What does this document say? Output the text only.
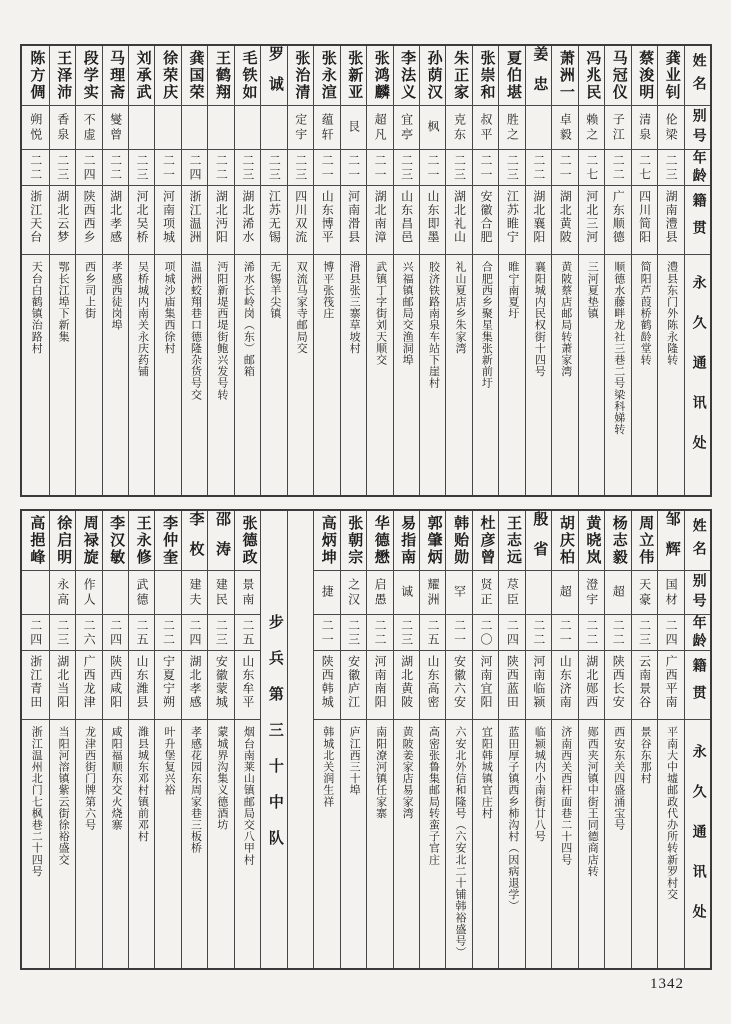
姓名
别号
年龄
籍贯
永久通讯处
龚业钊
伦梁
二三
湖南澧县
澧县东门外陈永隆转
蔡浚明
清泉
二七
四川简阳
简阳芦葭桥鹤龄堂转
马冠仪
子江
二二
广东顺德
顺德水藤畔龙社三巷二号梁科娣转
冯兆民
赖之
二七
河北三河
三河夏垫镇
萧洲一
卓毅
二一
湖北黄陂
黄陂蔡店邮局转萧家湾
姜忠
二二
湖北襄阳
襄阳城内民权街十四号
夏伯堪
胜之
二三
江苏睢宁
睢宁南夏圩
张崇和
叔平
二一
安徽合肥
合肥西乡聚星集张新前圩
朱正家
克东
二三
湖北礼山
礼山夏店乡朱家湾
孙荫汉
枫
二一
山东即墨
胶济铁路南泉车站下崖村
李法义
宜亭
二三
山东昌邑
兴福镇邮局交渔洞埠
张鸿麟
超凡
二一
湖北南漳
武镇丁字街刘天顺交
张新亚
艮
二一
河南滑县
滑县张三寨草坡村
张永渲
蕴轩
二一
山东博平
博平张筏庄
张治清
定宇
二三
四川双流
双流马家寺邮局交
罗诚
二三
江苏无锡
无锡羊尖镇
毛铁如
二三
湖北浠水
浠水长岭岗（东）邮箱
王鹤翔
二二
湖北沔阳
沔阳新堤西堤街鲍兴发号转
龚国荣
二四
浙江温洲
温洲蛟翔巷口德隆杂货号交
徐荣庆
二一
河南项城
项城沙庙集西徐村
刘承武
二三
河北吴桥
吴桥城内南关永庆药铺
马理斋
燮曾
二二
湖北孝感
孝感西徒岗埠
段学实
不虚
二四
陕西西乡
西乡司上街
王泽沛
香泉
二三
湖北云梦
鄂长江埠下新集
陈方倜
朔悦
二二
浙江天台
天台白鹤镇治路村
姓名
别号
年龄
籍贯
永久通讯处
邹辉
国材
二四
广西平南
平南大中墟邮政代办所转新罗村交
周立伟
天豪
二三
云南景谷
景谷东那村
杨志毅
超
二二
陕西长安
西安东关四盛涌宝号
黄晓岚
澄宇
二二
湖北郧西
郧西夹河镇中街王同德商店转
胡庆柏
超
二一
山东济南
济南西关西杆面巷二十四号
殷省
二二
河南临颍
临颍城内小南街廿八号
王志远
荩臣
二四
陕西蓝田
蓝田厚子镇西乡柿沟村（因病退学）
杜彦曾
贤正
二〇
河南宜阳
宜阳韩城镇官庄村
韩贻勋
罕
二一
安徽六安
六安北外信和隆号（六安北二十铺韩裕盛号）
郭肇炳
耀洲
二五
山东高密
高密张鲁集邮局转蛮子官庄
易指南
诚
二三
湖北黄陂
黄陂姜家店易家湾
华德懋
启愚
二二
河南南阳
南阳潦河镇任家寨
张朝宗
之汉
二三
安徽庐江
庐江西三十埠
高炳坤
捷
二一
陕西韩城
韩城北关润生祥
步兵第三十中队
张德政
景南
二五
山东牟平
烟台南莱山镇邮局交八甲村
邵涛
建民
二三
安徽蒙城
蒙城界沟集义德酒坊
李枚
建夫
二四
湖北孝感
孝感花园东周家巷三板桥
李仲奎
二二
宁夏宁朔
叶升堡复兴裕
王永修
武德
二五
山东潍县
潍县城东邓村镇前邓村
李汉敏
二四
陕西咸阳
咸阳福顺东交火烧寨
周禄旋
作人
二六
广西龙津
龙津西街门牌第六号
徐启明
永高
二三
湖北当阳
当阳河溶镇紫云街徐裕盛交
高挹峰
二四
浙江青田
浙江温州北门七枫巷二十四号
1342
